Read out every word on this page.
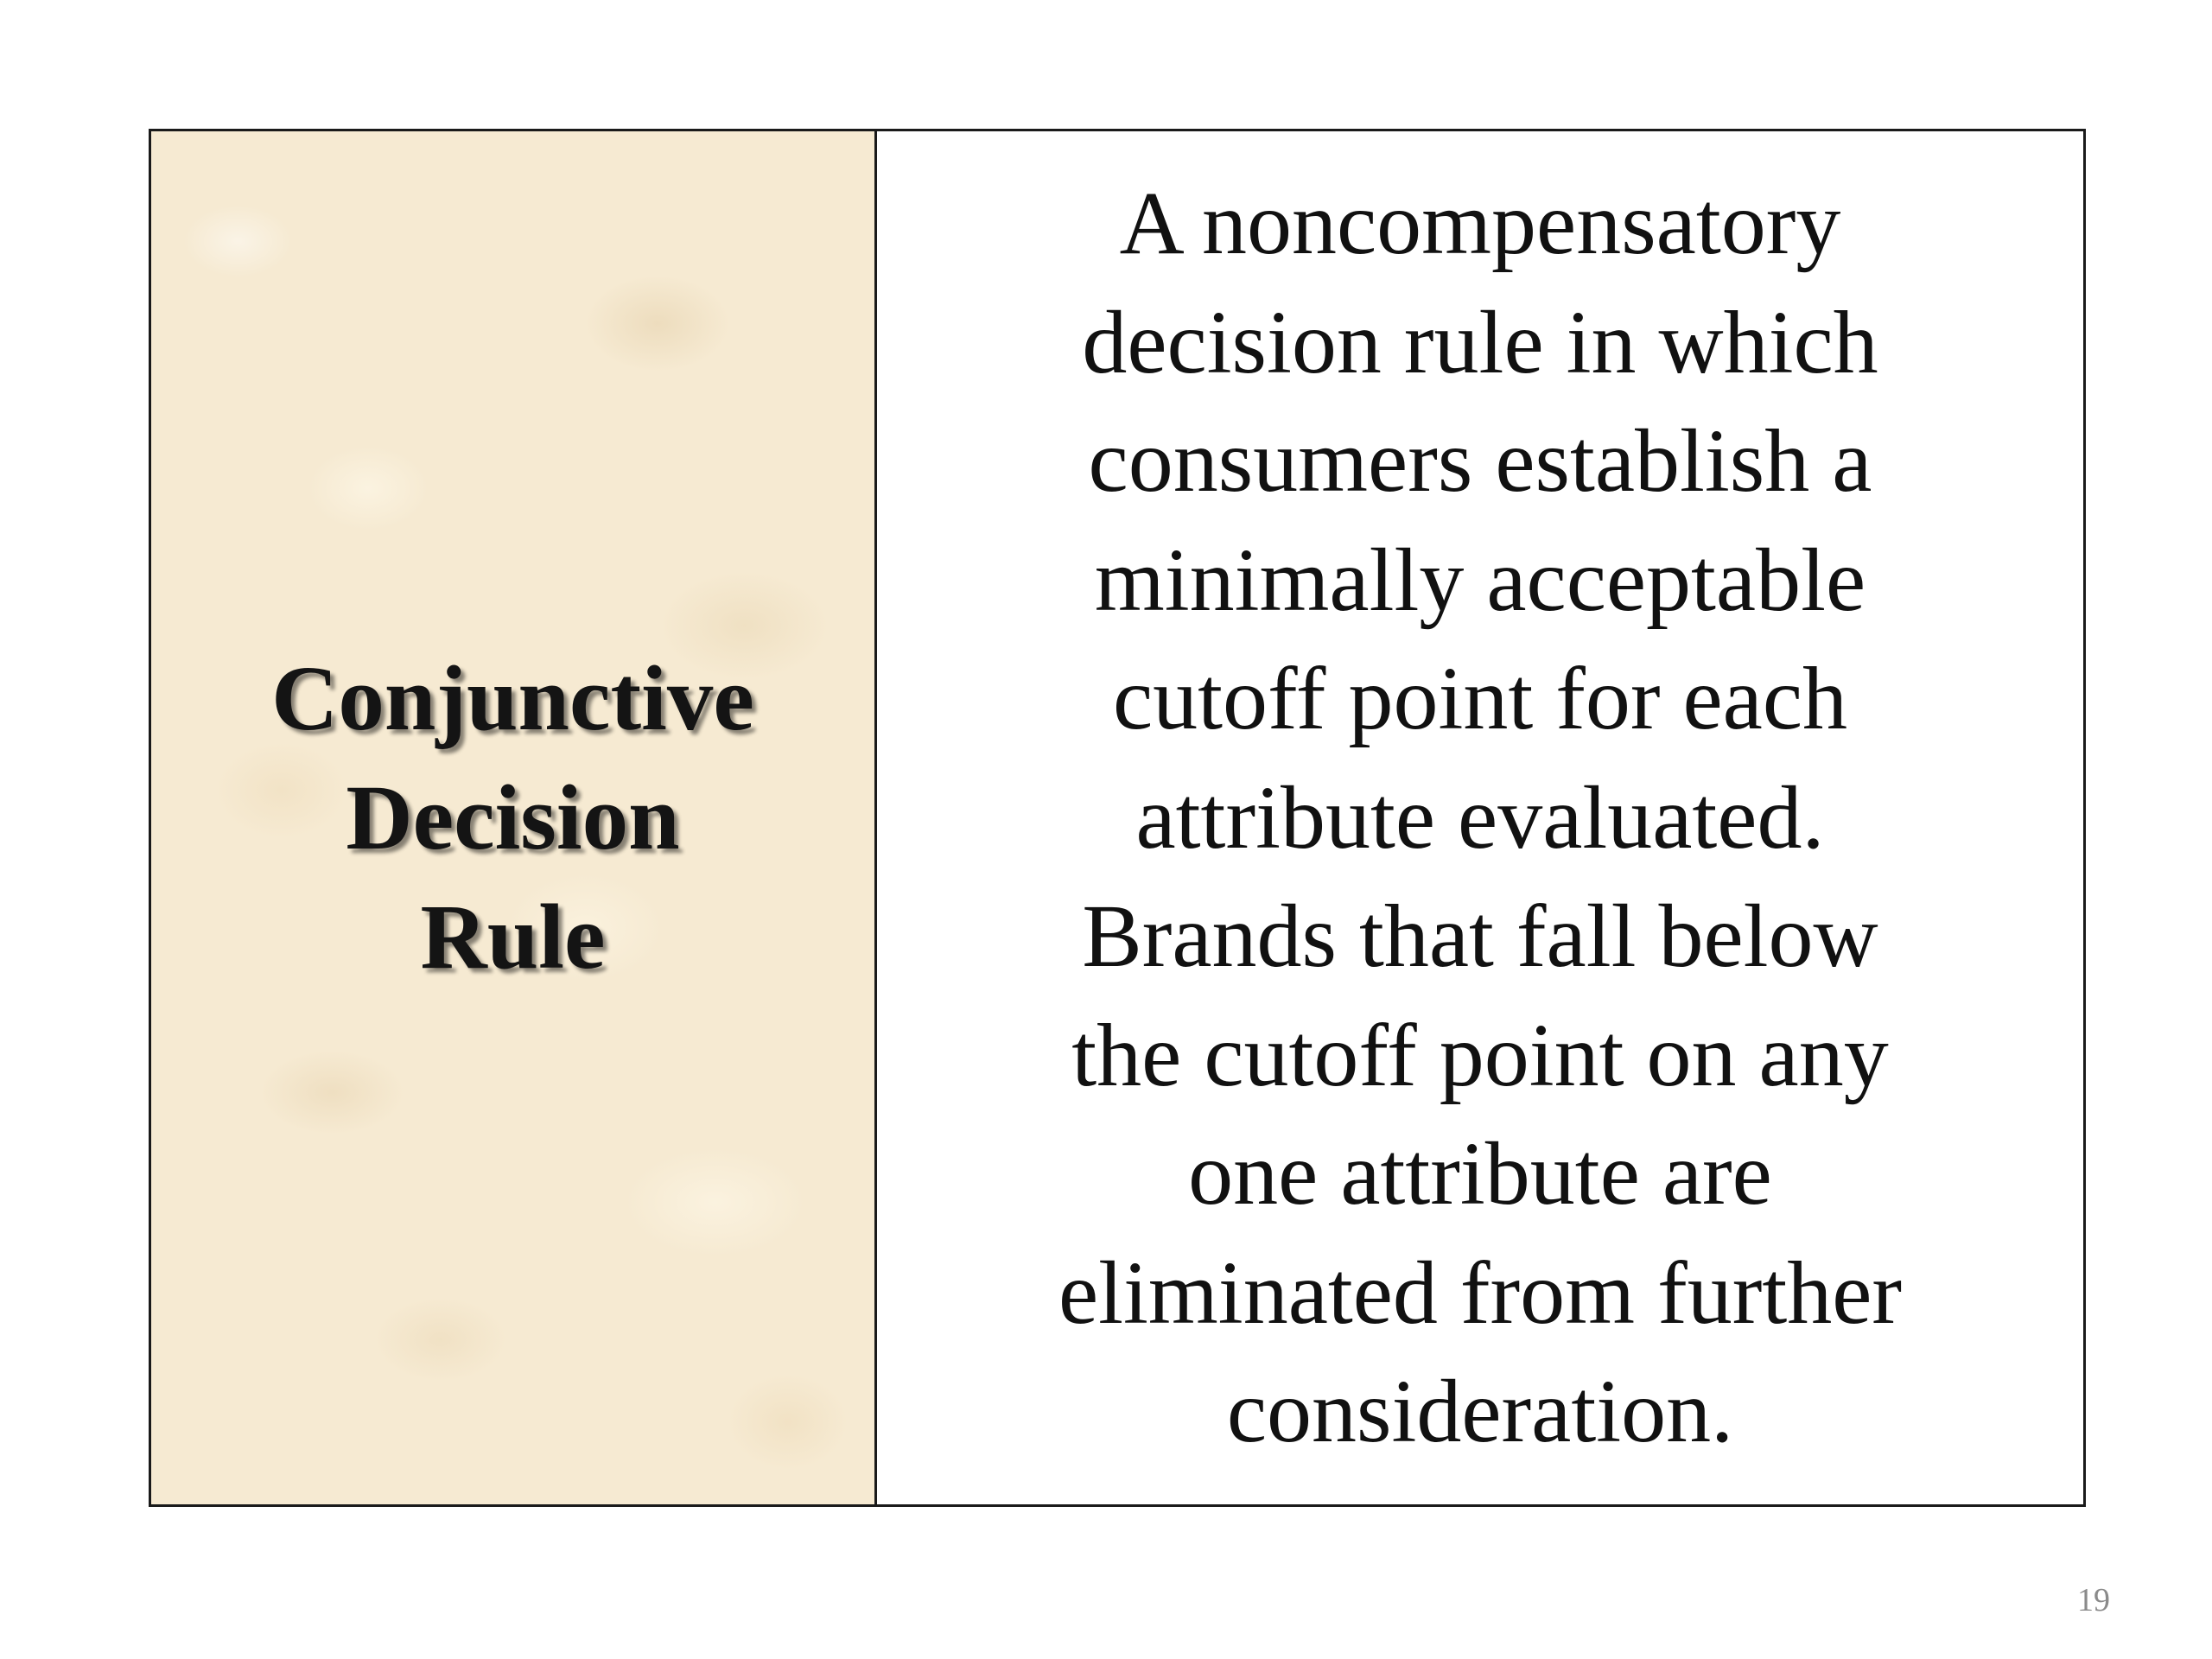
Conjunctive
Decision
Rule

A noncompensatory
decision rule in which
consumers establish a
minimally acceptable
cutoff point for each
attribute evaluated.
Brands that fall below
the cutoff point on any
one attribute are
eliminated from further
consideration.

19
